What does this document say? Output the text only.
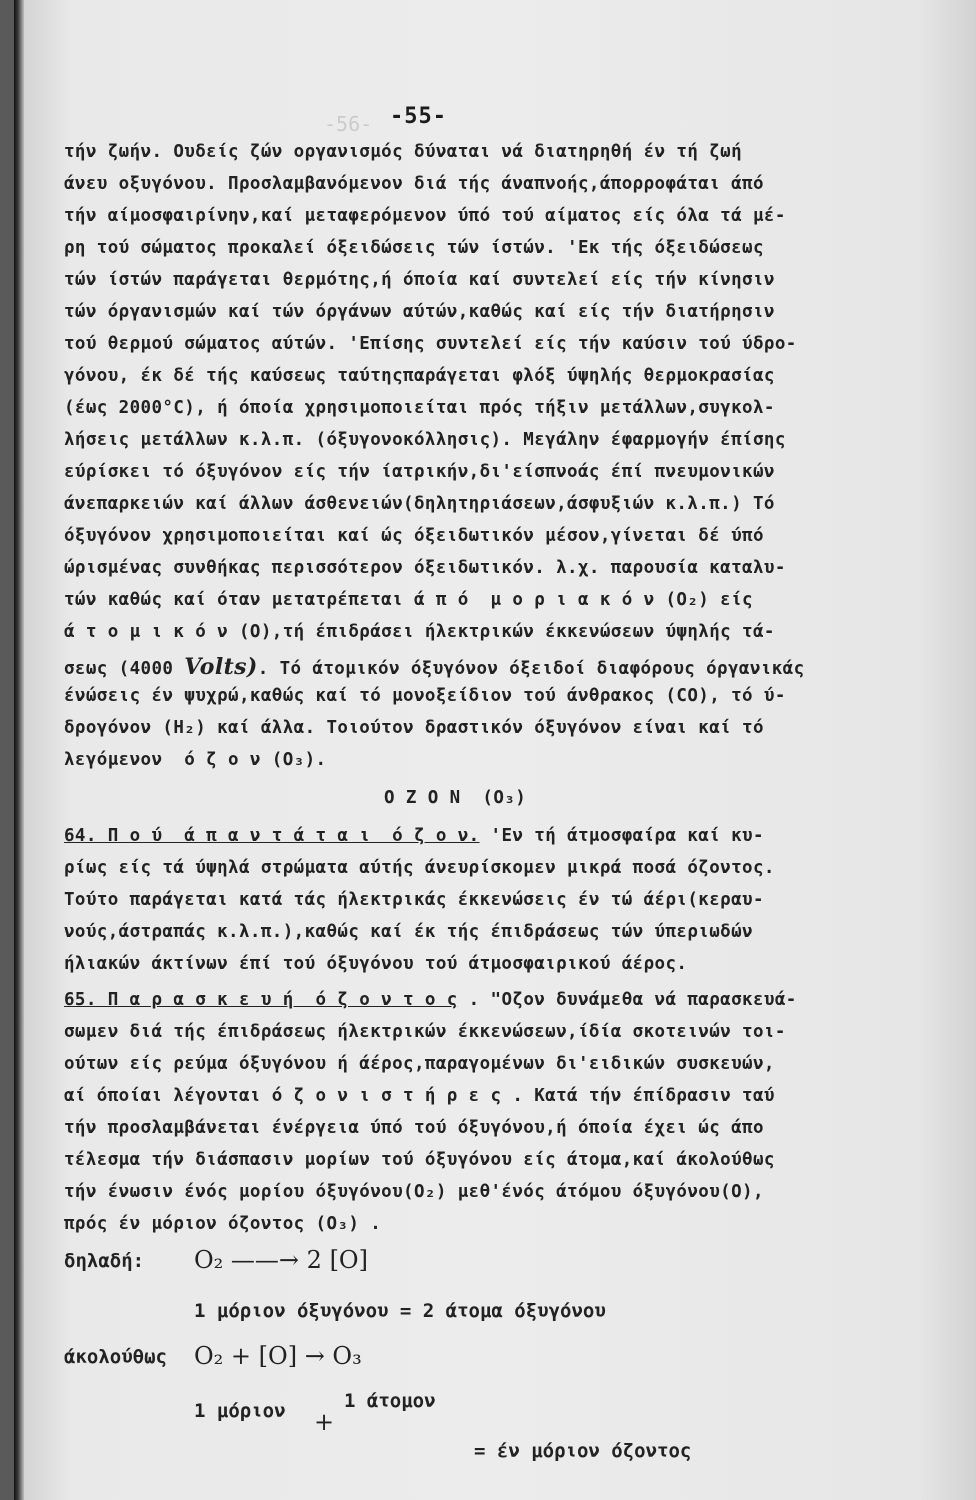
-56- -55-
τήν ζωήν. Ουδείς ζών οργανισμός δύναται νά διατηρηθή έν τή ζωή
άνευ οξυγόνου. Προσλαμβανόμενον διά τής άναπνοής,άπορροφάται άπό
τήν αίμοσφαιρίνην,καί μεταφερόμενον ύπό τού αίματος είς όλα τά μέ-
ρη τού σώματος προκαλεί όξειδώσεις τών ίστών. 'Εκ τής όξειδώσεως
τών ίστών παράγεται θερμότης,ή όποία καί συντελεί είς τήν κίνησιν
τών όργανισμών καί τών όργάνων αύτών,καθώς καί είς τήν διατήρησιν
τού θερμού σώματος αύτών. 'Επίσης συντελεί είς τήν καύσιν τού ύδρο-
γόνου, έκ δέ τής καύσεως ταύτηςπαράγεται φλόξ ύψηλής θερμοκρασίας
(έως 2000°C), ή όποία χρησιμοποιείται πρός τήξιν μετάλλων,συγκολ-
λήσεις μετάλλων κ.λ.π. (όξυγονοκόλλησις). Μεγάλην έφαρμογήν έπίσης
εύρίσκει τό όξυγόνον είς τήν ίατρικήν,δι'είσπνοάς έπί πνευμονικών
άνεπαρκειών καί άλλων άσθενειών(δηλητηριάσεων,άσφυξιών κ.λ.π.) Τό
όξυγόνον χρησιμοποιείται καί ώς όξειδωτικόν μέσον,γίνεται δέ ύπό
ώρισμένας συνθήκας περισσότερον όξειδωτικόν. λ.χ. παρουσία καταλυ-
τών καθώς καί όταν μετατρέπεται ά π ό  μ ο ρ ι α κ ό ν (O₂) είς
ά τ ο μ ι κ ό ν (O),τή έπιδράσει ήλεκτρικών έκκενώσεων ύψηλής τά-
σεως (4000 Volts). Τό άτομικόν όξυγόνον όξειδοί διαφόρους όργανικάς
ένώσεις έν ψυχρώ,καθώς καί τό μονοξείδιον τού άνθρακος (CO), τό ύ-
δρογόνον (H₂) καί άλλα. Τοιούτον δραστικόν όξυγόνον είναι καί τό
λεγόμενον  ό ζ ο ν (O₃).
O Z O N  (O₃)
64. Π ο ύ  ά π α ν τ ά τ α ι  ό ζ ο ν. 'Εν τή άτμοσφαίρα καί κυ-
ρίως είς τά ύψηλά στρώματα αύτής άνευρίσκομεν μικρά ποσά όζοντος.
Τούτο παράγεται κατά τάς ήλεκτρικάς έκκενώσεις έν τώ άέρι(κεραυ-
νούς,άστραπάς κ.λ.π.),καθώς καί έκ τής έπιδράσεως τών ύπεριωδών
ήλιακών άκτίνων έπί τού όξυγόνου τού άτμοσφαιρικού άέρος.
65. Π α ρ α σ κ ε υ ή  ό ζ ο ν τ ο ς . "Οζον δυνάμεθα νά παρασκευά-
σωμεν διά τής έπιδράσεως ήλεκτρικών έκκενώσεων,ίδία σκοτεινών τοι-
ούτων είς ρεύμα όξυγόνου ή άέρος,παραγομένων δι'ειδικών συσκευών,
αί όποίαι λέγονται ό ζ ο ν ι σ τ ή ρ ε ς . Κατά τήν έπίδρασιν ταύ
τήν προσλαμβάνεται ένέργεια ύπό τού όξυγόνου,ή όποία έχει ώς άπο
τέλεσμα τήν διάσπασιν μορίων τού όξυγόνου είς άτομα,καί άκολούθως
τήν ένωσιν ένός μορίου όξυγόνου(O₂) μεθ'ένός άτόμου όξυγόνου(O),
πρός έν μόριον όζοντος (O₃) .
δηλαδή: O₂ ——→ 2 [O]
1 μόριον όξυγόνου = 2 άτομα όξυγόνου
άκολούθως O₂ + [O] → O₃
1 μόριον +
1 άτομον
= έν μόριον όζοντος
